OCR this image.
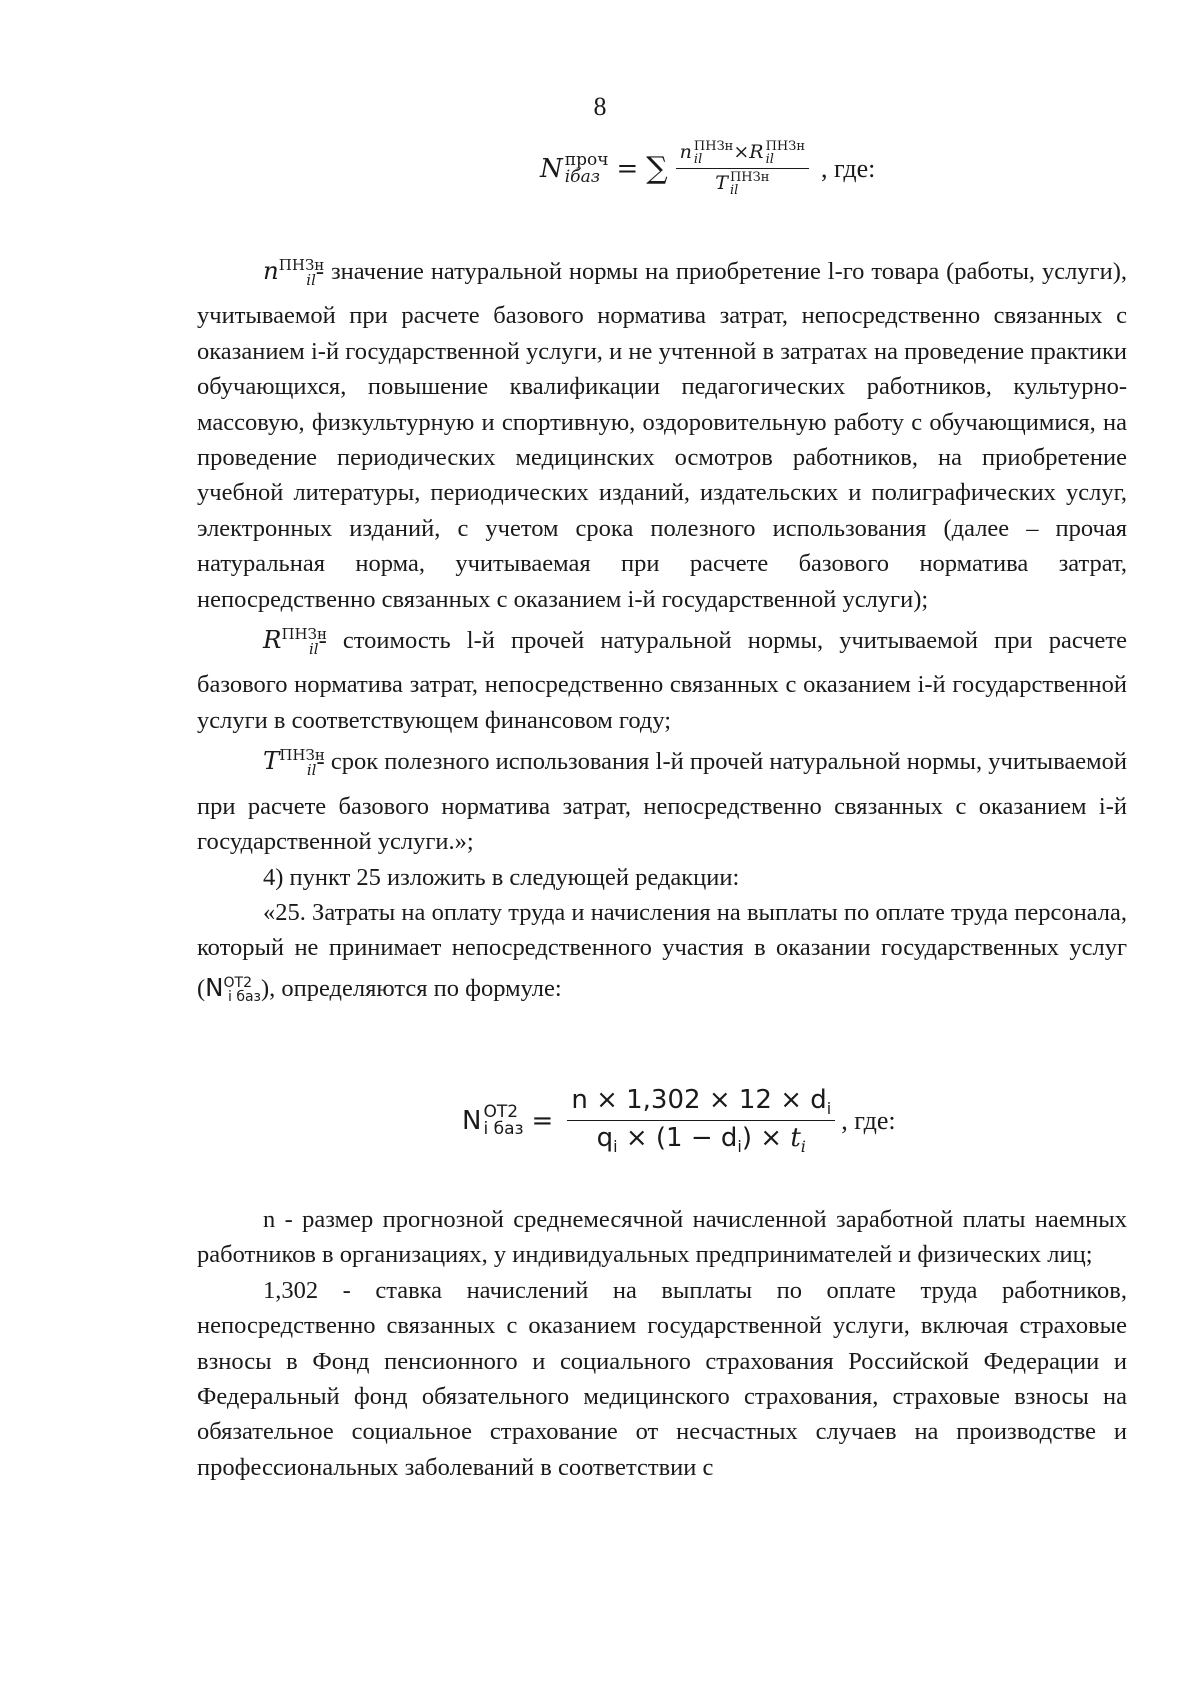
8
N проч
iбаз = ∑ n ПНЗн
il	×R ПНЗн
il
T ПНЗн
il , где:

$n^{ПНЗн}_{il}-$ значение натуральной нормы на приобретение l-го товара (работы, услуги), учитываемой при расчете базового норматива затрат, непосредственно связанных с оказанием i-й государственной услуги, и не учтенной в затратах на проведение практики обучающихся, повышение квалификации педагогических работников, культурно-массовую, физкультурную и спортивную, оздоровительную работу с обучающимися, на проведение периодических медицинских осмотров работников, на приобретение учебной литературы, периодических изданий, издательских и полиграфических услуг, электронных изданий, с учетом срока полезного использования (далее – прочая натуральная норма, учитываемая при расчете базового норматива затрат, непосредственно связанных с оказанием i-й государственной услуги);

$R^{ПНЗн}_{il}-$ стоимость l-й прочей натуральной нормы, учитываемой при расчете базового норматива затрат, непосредственно связанных с оказанием i-й государственной услуги в соответствующем финансовом году;

$T^{ПНЗн}_{il}-$ срок полезного использования l-й прочей натуральной нормы, учитываемой при расчете базового норматива затрат, непосредственно связанных с оказанием i-й государственной услуги.»;

4) пункт 25 изложить в следующей редакции:

«25. Затраты на оплату труда и начисления на выплаты по оплате труда персонала, который не принимает непосредственного участия в оказании государственных услуг $(N^{ОТ2}_{i баз})$, определяются по формуле:

N ОТ2
i баз = $\frac{n \times 1,302 \times 12 \times d_i}{q_i \times (1 - d_i) \times t_i}$ , где:

n - размер прогнозной среднемесячной начисленной заработной платы наемных работников в организациях, у индивидуальных предпринимателей и физических лиц;

1,302 - ставка начислений на выплаты по оплате труда работников, непосредственно связанных с оказанием государственной услуги, включая страховые взносы в Фонд пенсионного и социального страхования Российской Федерации и Федеральный фонд обязательного медицинского страхования, страховые взносы на обязательное социальное страхование от несчастных случаев на производстве и профессиональных заболеваний в соответствии с
